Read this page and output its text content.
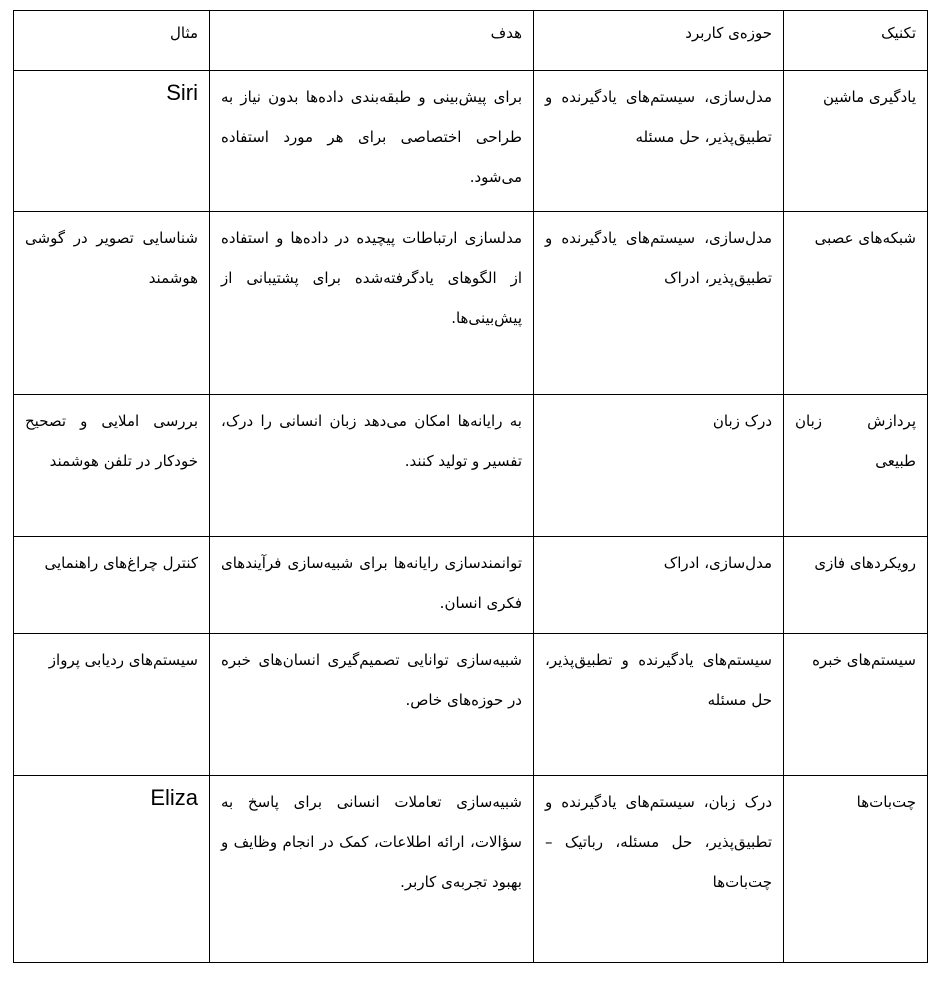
تکنیک	حوزه‌ی کاربرد	هدف	مثال
یادگیری ماشین	مدل‌سازی، سیستم‌های یادگیرنده و تطبیق‌پذیر، حل مسئله	برای پیش‌بینی و طبقه‌بندی داده‌ها بدون نیاز به طراحی اختصاصی برای هر مورد استفاده می‌شود.	Siri

شبکه‌های عصبی	مدل‌سازی، سیستم‌های یادگیرنده و تطبیق‌پذیر، ادراک	مدلسازی ارتباطات پیچیده در داده‌ها و استفاده از الگوهای یادگرفته‌شده برای پشتیبانی از پیش‌بینی‌ها.	شناسایی تصویر در گوشی هوشمند
پردازش زبان طبیعی	درک زبان	به رایانه‌ها امکان می‌دهد زبان انسانی را درک، تفسیر و تولید کنند.	بررسی املایی و تصحیح خودکار در تلفن هوشمند
رویکردهای فازی	مدل‌سازی، ادراک	توانمندسازی رایانه‌ها برای شبیه‌سازی فرآیندهای فکری انسان.	کنترل چراغ‌های راهنمایی
سیستم‌های خبره	سیستم‌های یادگیرنده و تطبیق‌پذیر، حل مسئله	شبیه‌سازی توانایی تصمیم‌گیری انسان‌های خبره در حوزه‌های خاص.	سیستم‌های ردیابی پرواز
چت‌بات‌ها	درک زبان، سیستم‌های یادگیرنده و تطبیق‌پذیر، حل مسئله، رباتیک – چت‌بات‌ها	شبیه‌سازی تعاملات انسانی برای پاسخ به سؤالات، ارائه اطلاعات، کمک در انجام وظایف و بهبود تجربه‌ی کاربر.	Eliza
